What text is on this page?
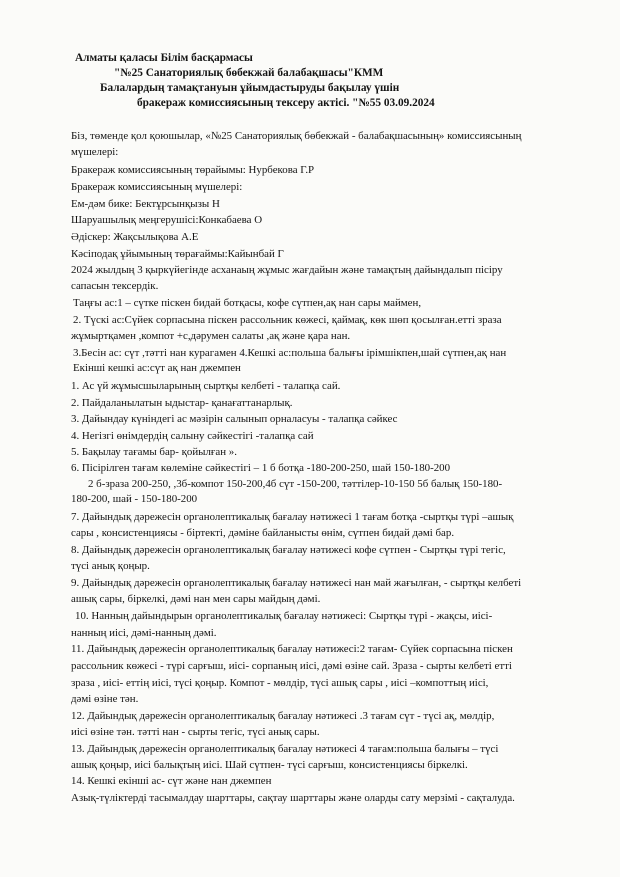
Алматы қаласы Білім басқармасы
"№25 Санаториялық бөбекжай балабақшасы"КММ
Балалардың тамақтануын ұйымдастыруды бақылау үшін
бракераж комиссиясының тексеру актісі. "№55 03.09.2024
Біз, төменде қол қоюшылар, «№25 Санаториялық бөбекжай - балабақшасының» комиссиясының
мүшелері:
Бракераж комиссиясының төрайымы: Нурбекова Г.Р
Бракераж комиссиясының мүшелері:
Ем-дәм бике: Бектұрсынқызы Н
Шаруашылық меңгерушісі:Конкабаева О
Әдіскер: Жақсылықова А.Е
Кәсіподақ ұйымының төрағаймы:Кайынбай Г
2024 жылдың 3 қыркүйегінде асханаың жұмыс жағдайын және тамақтың дайындалып пісіру
сапасын тексердік.
Таңғы ас:1 – сүтке піскен бидай ботқасы, кофе сүтпен,ақ нан сары маймен,
2. Түскі ас:Сүйек сорпасына піскен рассольник көжесі, қаймақ, көк шөп қосылған.етті зраза
жұмыртқамен ,компот +с,дәрумен салаты ,ақ және қара нан.
3.Бесін ас: сүт ,тәтті нан курагамен 4.Кешкі ас:польша балығы ірімшікпен,шай сүтпен,ақ нан
Екінші кешкі ас:сүт ақ нан джемпен
1. Ас үй жұмысшыларының сыртқы келбеті - талапқа сай.
2. Пайдаланылатын ыдыстар- қанағаттанарлық.
3. Дайындау күніндегі ас мәзірін салынып орналасуы - талапқа сәйкес
4. Негізгі өнімдердің салыну сәйкестігі -талапқа сай
5. Бақылау тағамы бар- қойылған ».
6. Пісірілген тағам көлеміне сәйкестігі – 1 б ботқа -180-200-250, шай 150-180-200
2 б-зраза 200-250, ,3б-компот 150-200,4б сүт -150-200, тәттілер-10-150 5б балық 150-180-
180-200, шай - 150-180-200
7. Дайындық дәрежесін органолептикалық бағалау нәтижесі 1 тағам ботқа -сыртқы түрі –ашық
сары , консистенциясы - біртекті, дәміне байланысты өнім, сүтпен бидай дәмі бар.
8. Дайындық дәрежесін органолептикалық бағалау нәтижесі кофе сүтпен - Сыртқы түрі тегіс,
түсі анық қоңыр.
9. Дайындық дәрежесін органолептикалық бағалау нәтижесі нан май жағылған, - сыртқы келбеті
ашық сары, біркелкі, дәмі нан мен сары майдың дәмі.
10. Нанның дайындырын органолептикалық бағалау нәтижесі: Сыртқы түрі - жақсы, иісі-
нанның иісі, дәмі-нанның дәмі.
11. Дайындық дәрежесін органолептикалық бағалау нәтижесі:2 тағам- Сүйек сорпасына піскен
рассольник көжесі - түрі сарғыш, иісі- сорпаның иісі, дәмі өзіне сай. Зраза - сырты келбеті етті
зраза , иісі- еттің иісі, түсі қоңыр. Компот - мөлдір, түсі ашық сары , иісі –компоттың иісі,
дәмі өзіне тән.
12. Дайындық дәрежесін органолептикалық бағалау нәтижесі .3 тағам сүт - түсі ақ, мөлдір,
иісі өзіне тән. тәтті нан - сырты тегіс, түсі анық сары.
13. Дайындық дәрежесін органолептикалық бағалау нәтижесі 4 тағам:польша балығы – түсі
ашық қоңыр, иісі балықтың иісі. Шай сүтпен- түсі сарғыш, консистенциясы біркелкі.
14. Кешкі екінші ас- сүт және нан джемпен
Азық-түліктерді тасымалдау шарттары, сақтау шарттары және оларды сату мерзімі - сақталуда.
